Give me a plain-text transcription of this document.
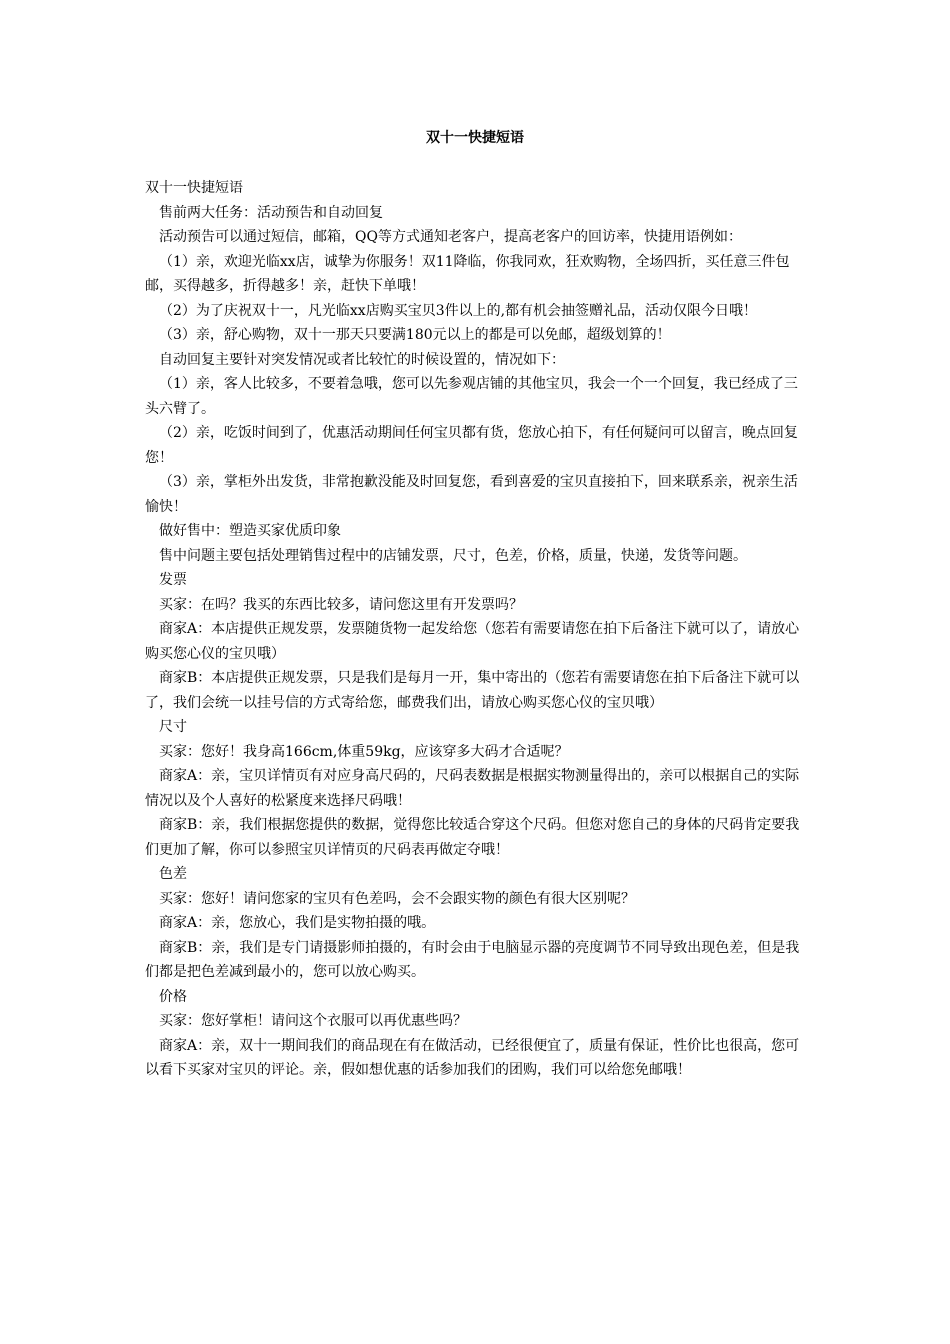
双十一快捷短语

双十一快捷短语

售前两大任务：活动预告和自动回复

活动预告可以通过短信，邮箱，QQ等方式通知老客户，提高老客户的回访率，快捷用语例如：

（1）亲，欢迎光临xx店，诚挚为你服务！双11降临，你我同欢，狂欢购物，全场四折，买任意三件包邮，买得越多，折得越多！亲，赶快下单哦！

（2）为了庆祝双十一，凡光临xx店购买宝贝3件以上的,都有机会抽签赠礼品，活动仅限今日哦！

（3）亲，舒心购物，双十一那天只要满180元以上的都是可以免邮，超级划算的！

自动回复主要针对突发情况或者比较忙的时候设置的，情况如下：

（1）亲，客人比较多，不要着急哦，您可以先参观店铺的其他宝贝，我会一个一个回复，我已经成了三头六臂了。

（2）亲，吃饭时间到了，优惠活动期间任何宝贝都有货，您放心拍下，有任何疑问可以留言，晚点回复您！

（3）亲，掌柜外出发货，非常抱歉没能及时回复您，看到喜爱的宝贝直接拍下，回来联系亲，祝亲生活愉快！

做好售中：塑造买家优质印象

售中问题主要包括处理销售过程中的店铺发票，尺寸，色差，价格，质量，快递，发货等问题。

发票

买家：在吗？我买的东西比较多，请问您这里有开发票吗？

商家A：本店提供正规发票，发票随货物一起发给您（您若有需要请您在拍下后备注下就可以了，请放心购买您心仪的宝贝哦）

商家B：本店提供正规发票，只是我们是每月一开，集中寄出的（您若有需要请您在拍下后备注下就可以了，我们会统一以挂号信的方式寄给您，邮费我们出，请放心购买您心仪的宝贝哦）

尺寸

买家：您好！我身高166cm,体重59kg，应该穿多大码才合适呢？

商家A：亲，宝贝详情页有对应身高尺码的，尺码表数据是根据实物测量得出的，亲可以根据自己的实际情况以及个人喜好的松紧度来选择尺码哦！

商家B：亲，我们根据您提供的数据，觉得您比较适合穿这个尺码。但您对您自己的身体的尺码肯定要我们更加了解，你可以参照宝贝详情页的尺码表再做定夺哦！

色差

买家：您好！请问您家的宝贝有色差吗，会不会跟实物的颜色有很大区别呢？

商家A：亲，您放心，我们是实物拍摄的哦。

商家B：亲，我们是专门请摄影师拍摄的，有时会由于电脑显示器的亮度调节不同导致出现色差，但是我们都是把色差减到最小的，您可以放心购买。

价格

买家：您好掌柜！请问这个衣服可以再优惠些吗？

商家A：亲，双十一期间我们的商品现在有在做活动，已经很便宜了，质量有保证，性价比也很高，您可以看下买家对宝贝的评论。亲，假如想优惠的话参加我们的团购，我们可以给您免邮哦！
